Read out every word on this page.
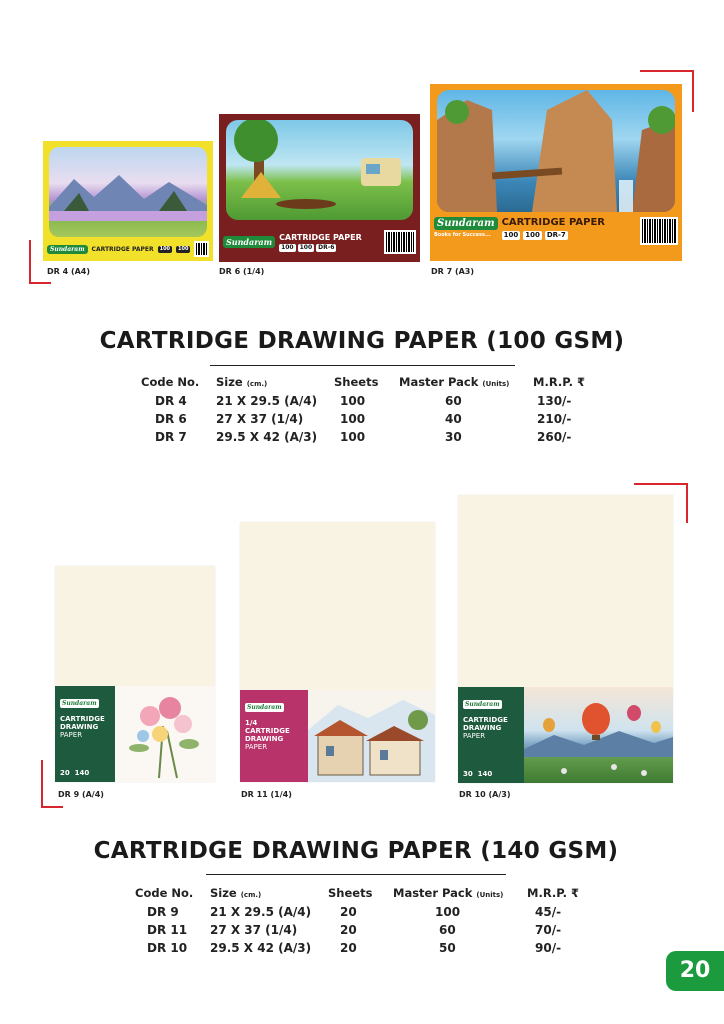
Sundaram	CARTRIDGE PAPER	100	100
DR 4 (A4)
Sundaram CARTRIDGE PAPER
100	100	DR-6
DR 6 (1/4)
Sundaram
Books for Success...
CARTRIDGE PAPER
100 100 DR-7
DR 7 (A3)
CARTRIDGE DRAWING PAPER (100 GSM)
Code No.	Size (cm.)	Sheets	Master Pack (Units)	M.R.P. ₹
DR 4	21 X 29.5 (A/4)	100	60	130/-
DR 6	27 X 37 (1/4)	100	40	210/-
DR 7	29.5 X 42 (A/3)	100	30	260/-
Sundaram
CARTRIDGE
DRAWING
PAPER
20 140
DR 9 (A/4)
Sundaram
1/4 CARTRIDGE
DRAWING
PAPER
DR 11 (1/4)
Sundaram
CARTRIDGE
DRAWING
PAPER
30 140
DR 10 (A/3)
CARTRIDGE DRAWING PAPER (140 GSM)
Code No.	Size (cm.)	Sheets	Master Pack (Units)	M.R.P. ₹
DR 9	21 X 29.5 (A/4)	20	100	45/-
DR 11	27 X 37 (1/4)	20	60	70/-
DR 10	29.5 X 42 (A/3)	20	50	90/-
20
